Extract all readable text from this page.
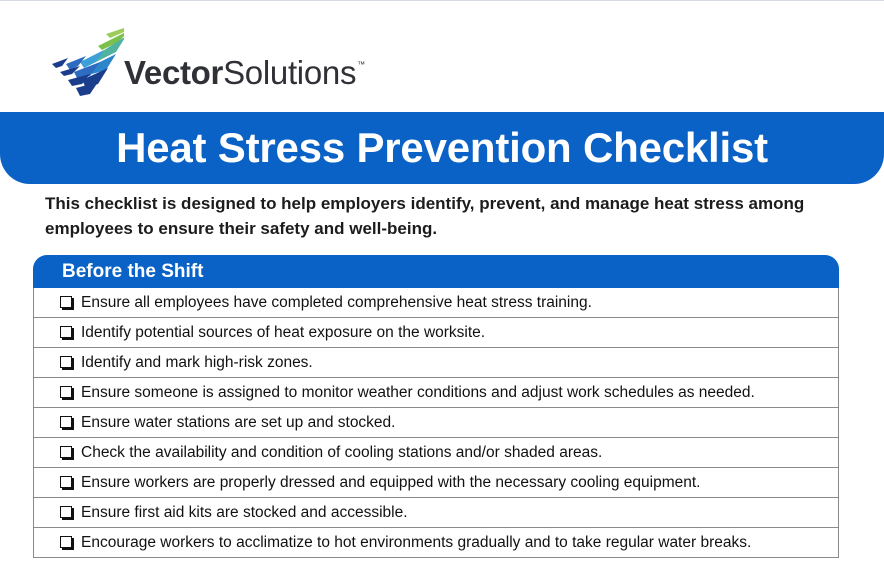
VectorSolutions™
Heat Stress Prevention Checklist
This checklist is designed to help employers identify, prevent, and manage heat stress among employees to ensure their safety and well-being.
Before the Shift
Ensure all employees have completed comprehensive heat stress training.
Identify potential sources of heat exposure on the worksite.
Identify and mark high-risk zones.
Ensure someone is assigned to monitor weather conditions and adjust work schedules as needed.
Ensure water stations are set up and stocked.
Check the availability and condition of cooling stations and/or shaded areas.
Ensure workers are properly dressed and equipped with the necessary cooling equipment.
Ensure first aid kits are stocked and accessible.
Encourage workers to acclimatize to hot environments gradually and to take regular water breaks.
